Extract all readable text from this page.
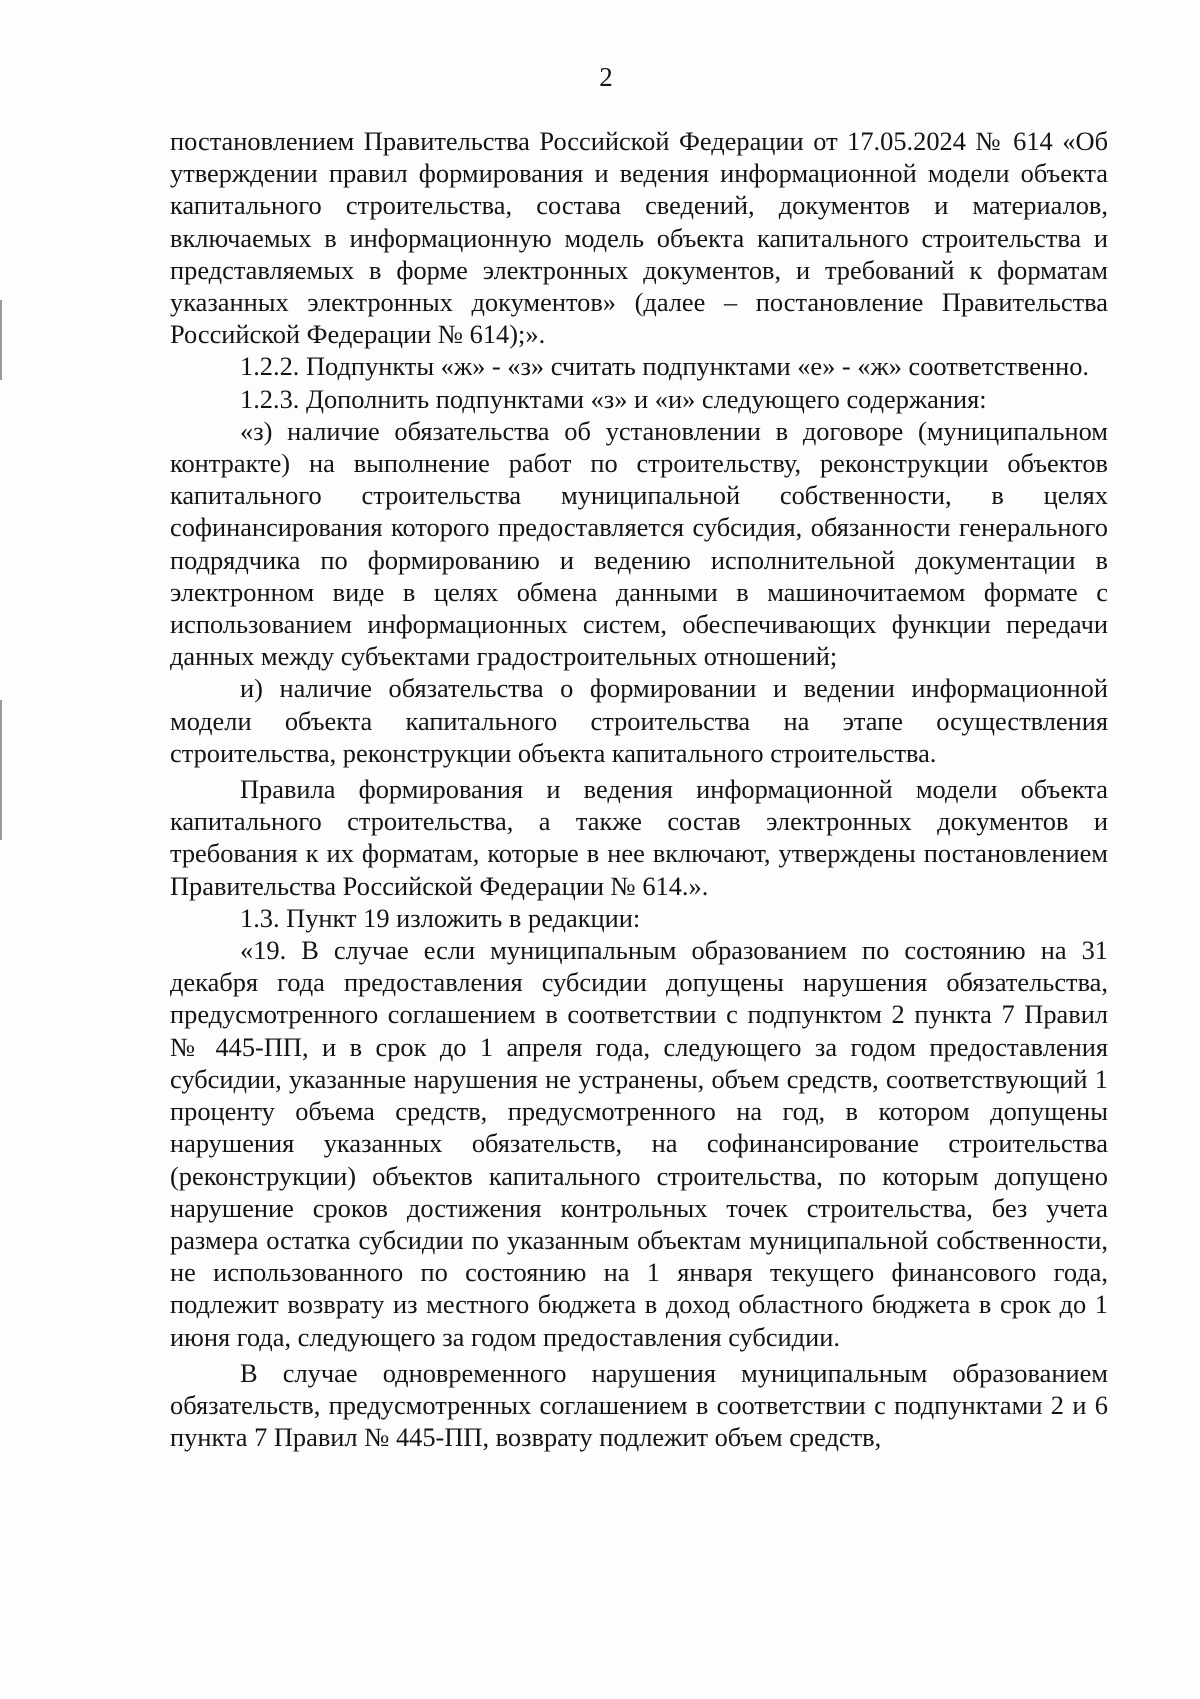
2

постановлением Правительства Российской Федерации от 17.05.2024 № 614 «Об утверждении правил формирования и ведения информационной модели объекта капитального строительства, состава сведений, документов и материалов, включаемых в информационную модель объекта капитального строительства и представляемых в форме электронных документов, и требований к форматам указанных электронных документов» (далее – постановление Правительства Российской Федерации № 614);».

1.2.2. Подпункты «ж» - «з» считать подпунктами «е» - «ж» соответственно.

1.2.3. Дополнить подпунктами «з» и «и» следующего содержания:

«з) наличие обязательства об установлении в договоре (муниципальном контракте) на выполнение работ по строительству, реконструкции объектов капитального строительства муниципальной собственности, в целях софинансирования которого предоставляется субсидия, обязанности генерального подрядчика по формированию и ведению исполнительной документации в электронном виде в целях обмена данными в машиночитаемом формате с использованием информационных систем, обеспечивающих функции передачи данных между субъектами градостроительных отношений;

и) наличие обязательства о формировании и ведении информационной модели объекта капитального строительства на этапе осуществления строительства, реконструкции объекта капитального строительства.

Правила формирования и ведения информационной модели объекта капитального строительства, а также состав электронных документов и требования к их форматам, которые в нее включают, утверждены постановлением Правительства Российской Федерации № 614.».

1.3. Пункт 19 изложить в редакции:

«19. В случае если муниципальным образованием по состоянию на 31 декабря года предоставления субсидии допущены нарушения обязательства, предусмотренного соглашением в соответствии с подпунктом 2 пункта 7 Правил № 445-ПП, и в срок до 1 апреля года, следующего за годом предоставления субсидии, указанные нарушения не устранены, объем средств, соответствующий 1 проценту объема средств, предусмотренного на год, в котором допущены нарушения указанных обязательств, на софинансирование строительства (реконструкции) объектов капитального строительства, по которым допущено нарушение сроков достижения контрольных точек строительства, без учета размера остатка субсидии по указанным объектам муниципальной собственности, не использованного по состоянию на 1 января текущего финансового года, подлежит возврату из местного бюджета в доход областного бюджета в срок до 1 июня года, следующего за годом предоставления субсидии.

В случае одновременного нарушения муниципальным образованием обязательств, предусмотренных соглашением в соответствии с подпунктами 2 и 6 пункта 7 Правил № 445-ПП, возврату подлежит объем средств,
